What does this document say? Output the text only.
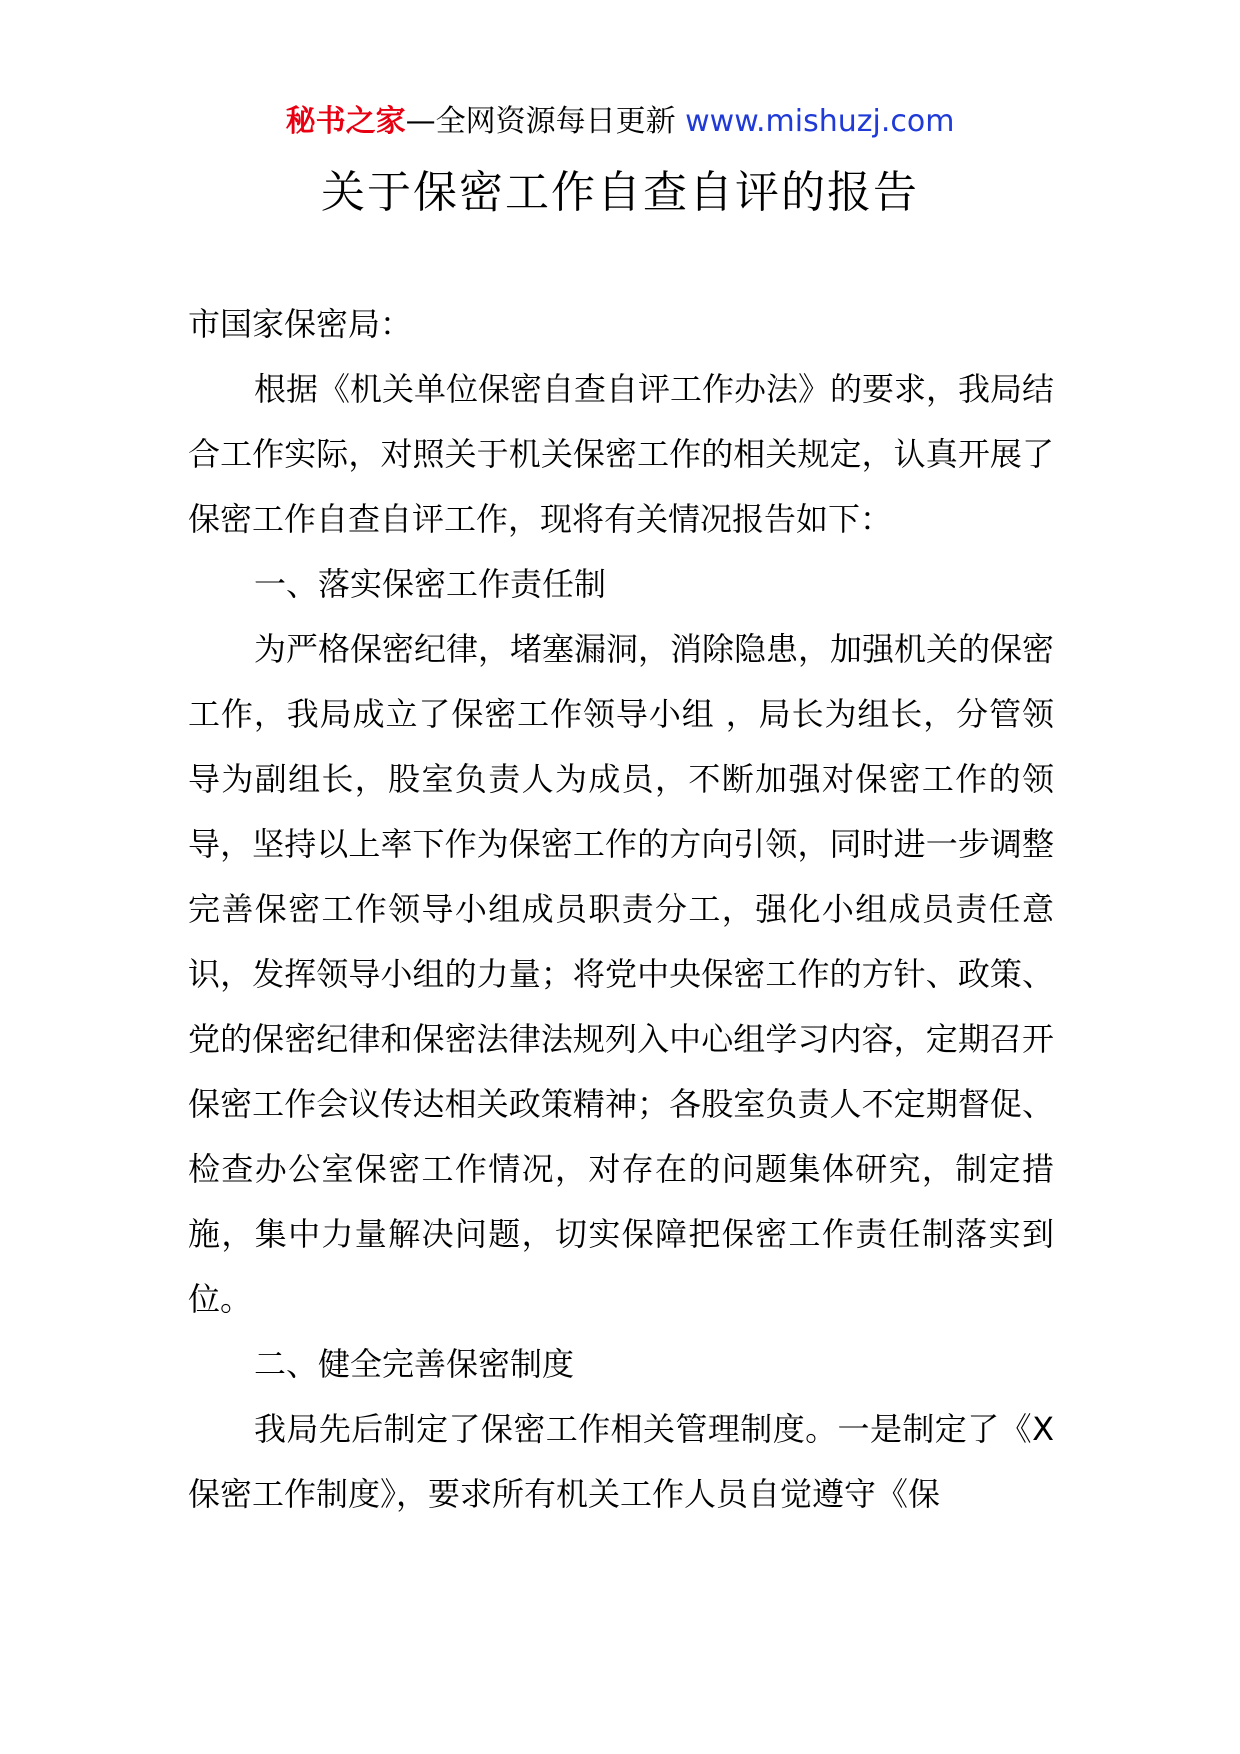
秘书之家—全网资源每日更新 www.mishuzj.com
关于保密工作自查自评的报告

市国家保密局：

根据《机关单位保密自查自评工作办法》的要求，我局结合工作实际，对照关于机关保密工作的相关规定，认真开展了保密工作自查自评工作，现将有关情况报告如下：

一、落实保密工作责任制

为严格保密纪律，堵塞漏洞，消除隐患，加强机关的保密工作，我局成立了保密工作领导小组 ，局长为组长，分管领导为副组长，股室负责人为成员，不断加强对保密工作的领导，坚持以上率下作为保密工作的方向引领，同时进一步调整完善保密工作领导小组成员职责分工，强化小组成员责任意识，发挥领导小组的力量；将党中央保密工作的方针、政策、党的保密纪律和保密法律法规列入中心组学习内容，定期召开保密工作会议传达相关政策精神；各股室负责人不定期督促、检查办公室保密工作情况，对存在的问题集体研究，制定措施，集中力量解决问题，切实保障把保密工作责任制落实到位。

二、健全完善保密制度

我局先后制定了保密工作相关管理制度。一是制定了《X保密工作制度》，要求所有机关工作人员自觉遵守《保
